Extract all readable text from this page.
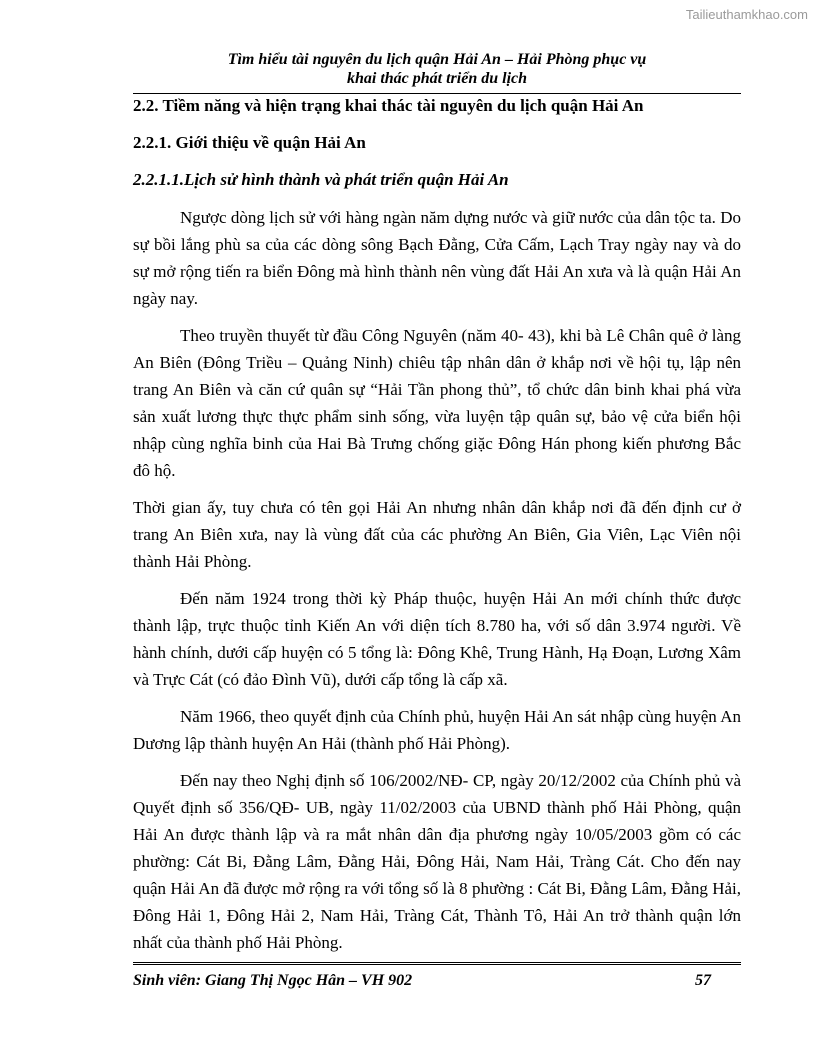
Tailieuthamkhao.com
Tìm hiểu tài nguyên du lịch quận Hải An – Hải Phòng phục vụ
khai thác phát triển du lịch
2.2. Tiềm năng và hiện trạng khai thác tài nguyên du lịch quận Hải An
2.2.1. Giới thiệu về quận Hải An
2.2.1.1.Lịch sử hình thành và phát triển quận Hải An

Ngược dòng lịch sử với hàng ngàn năm dựng nước và giữ nước của dân tộc ta. Do sự bồi lắng phù sa của các dòng sông Bạch Đằng, Cửa Cấm, Lạch Tray ngày nay và do sự mở rộng tiến ra biển Đông mà hình thành nên vùng đất Hải An xưa và là quận Hải An ngày nay.

Theo truyền thuyết từ đầu Công Nguyên (năm 40- 43), khi bà Lê Chân quê ở làng An Biên (Đông Triều – Quảng Ninh) chiêu tập nhân dân ở khắp nơi về hội tụ, lập nên trang An Biên và căn cứ quân sự “Hải Tần phong thủ”, tổ chức dân binh khai phá vừa sản xuất lương thực thực phẩm sinh sống, vừa luyện tập quân sự, bảo vệ cửa biển hội nhập cùng nghĩa binh của Hai Bà Trưng chống giặc Đông Hán phong kiến phương Bắc đô hộ.

Thời gian ấy, tuy chưa có tên gọi Hải An nhưng nhân dân khắp nơi đã đến định cư ở trang An Biên xưa, nay là vùng đất của các phường An Biên, Gia Viên, Lạc Viên nội thành Hải Phòng.

Đến năm 1924 trong thời kỳ Pháp thuộc, huyện Hải An mới chính thức được thành lập, trực thuộc tỉnh Kiến An với diện tích 8.780 ha, với số dân 3.974 người. Về hành chính, dưới cấp huyện có 5 tổng là: Đông Khê, Trung Hành, Hạ Đoạn, Lương Xâm và Trực Cát (có đảo Đình Vũ), dưới cấp tổng là cấp xã.

Năm 1966, theo quyết định của Chính phủ, huyện Hải An sát nhập cùng huyện An Dương lập thành huyện An Hải (thành phố Hải Phòng).

Đến nay theo Nghị định số 106/2002/NĐ- CP, ngày 20/12/2002 của Chính phủ và Quyết định số 356/QĐ- UB, ngày 11/02/2003 của UBND thành phố Hải Phòng, quận Hải An được thành lập và ra mắt nhân dân địa phương ngày 10/05/2003 gồm có các phường: Cát Bi, Đằng Lâm, Đằng Hải, Đông Hải, Nam Hải, Tràng Cát. Cho đến nay quận Hải An đã được mở rộng ra với tổng số là 8 phường : Cát Bi, Đằng Lâm, Đằng Hải, Đông Hải 1, Đông Hải 2, Nam Hải, Tràng Cát, Thành Tô, Hải An trở thành quận lớn nhất của thành phố Hải Phòng.

Sinh viên: Giang Thị Ngọc Hân – VH 902	57
